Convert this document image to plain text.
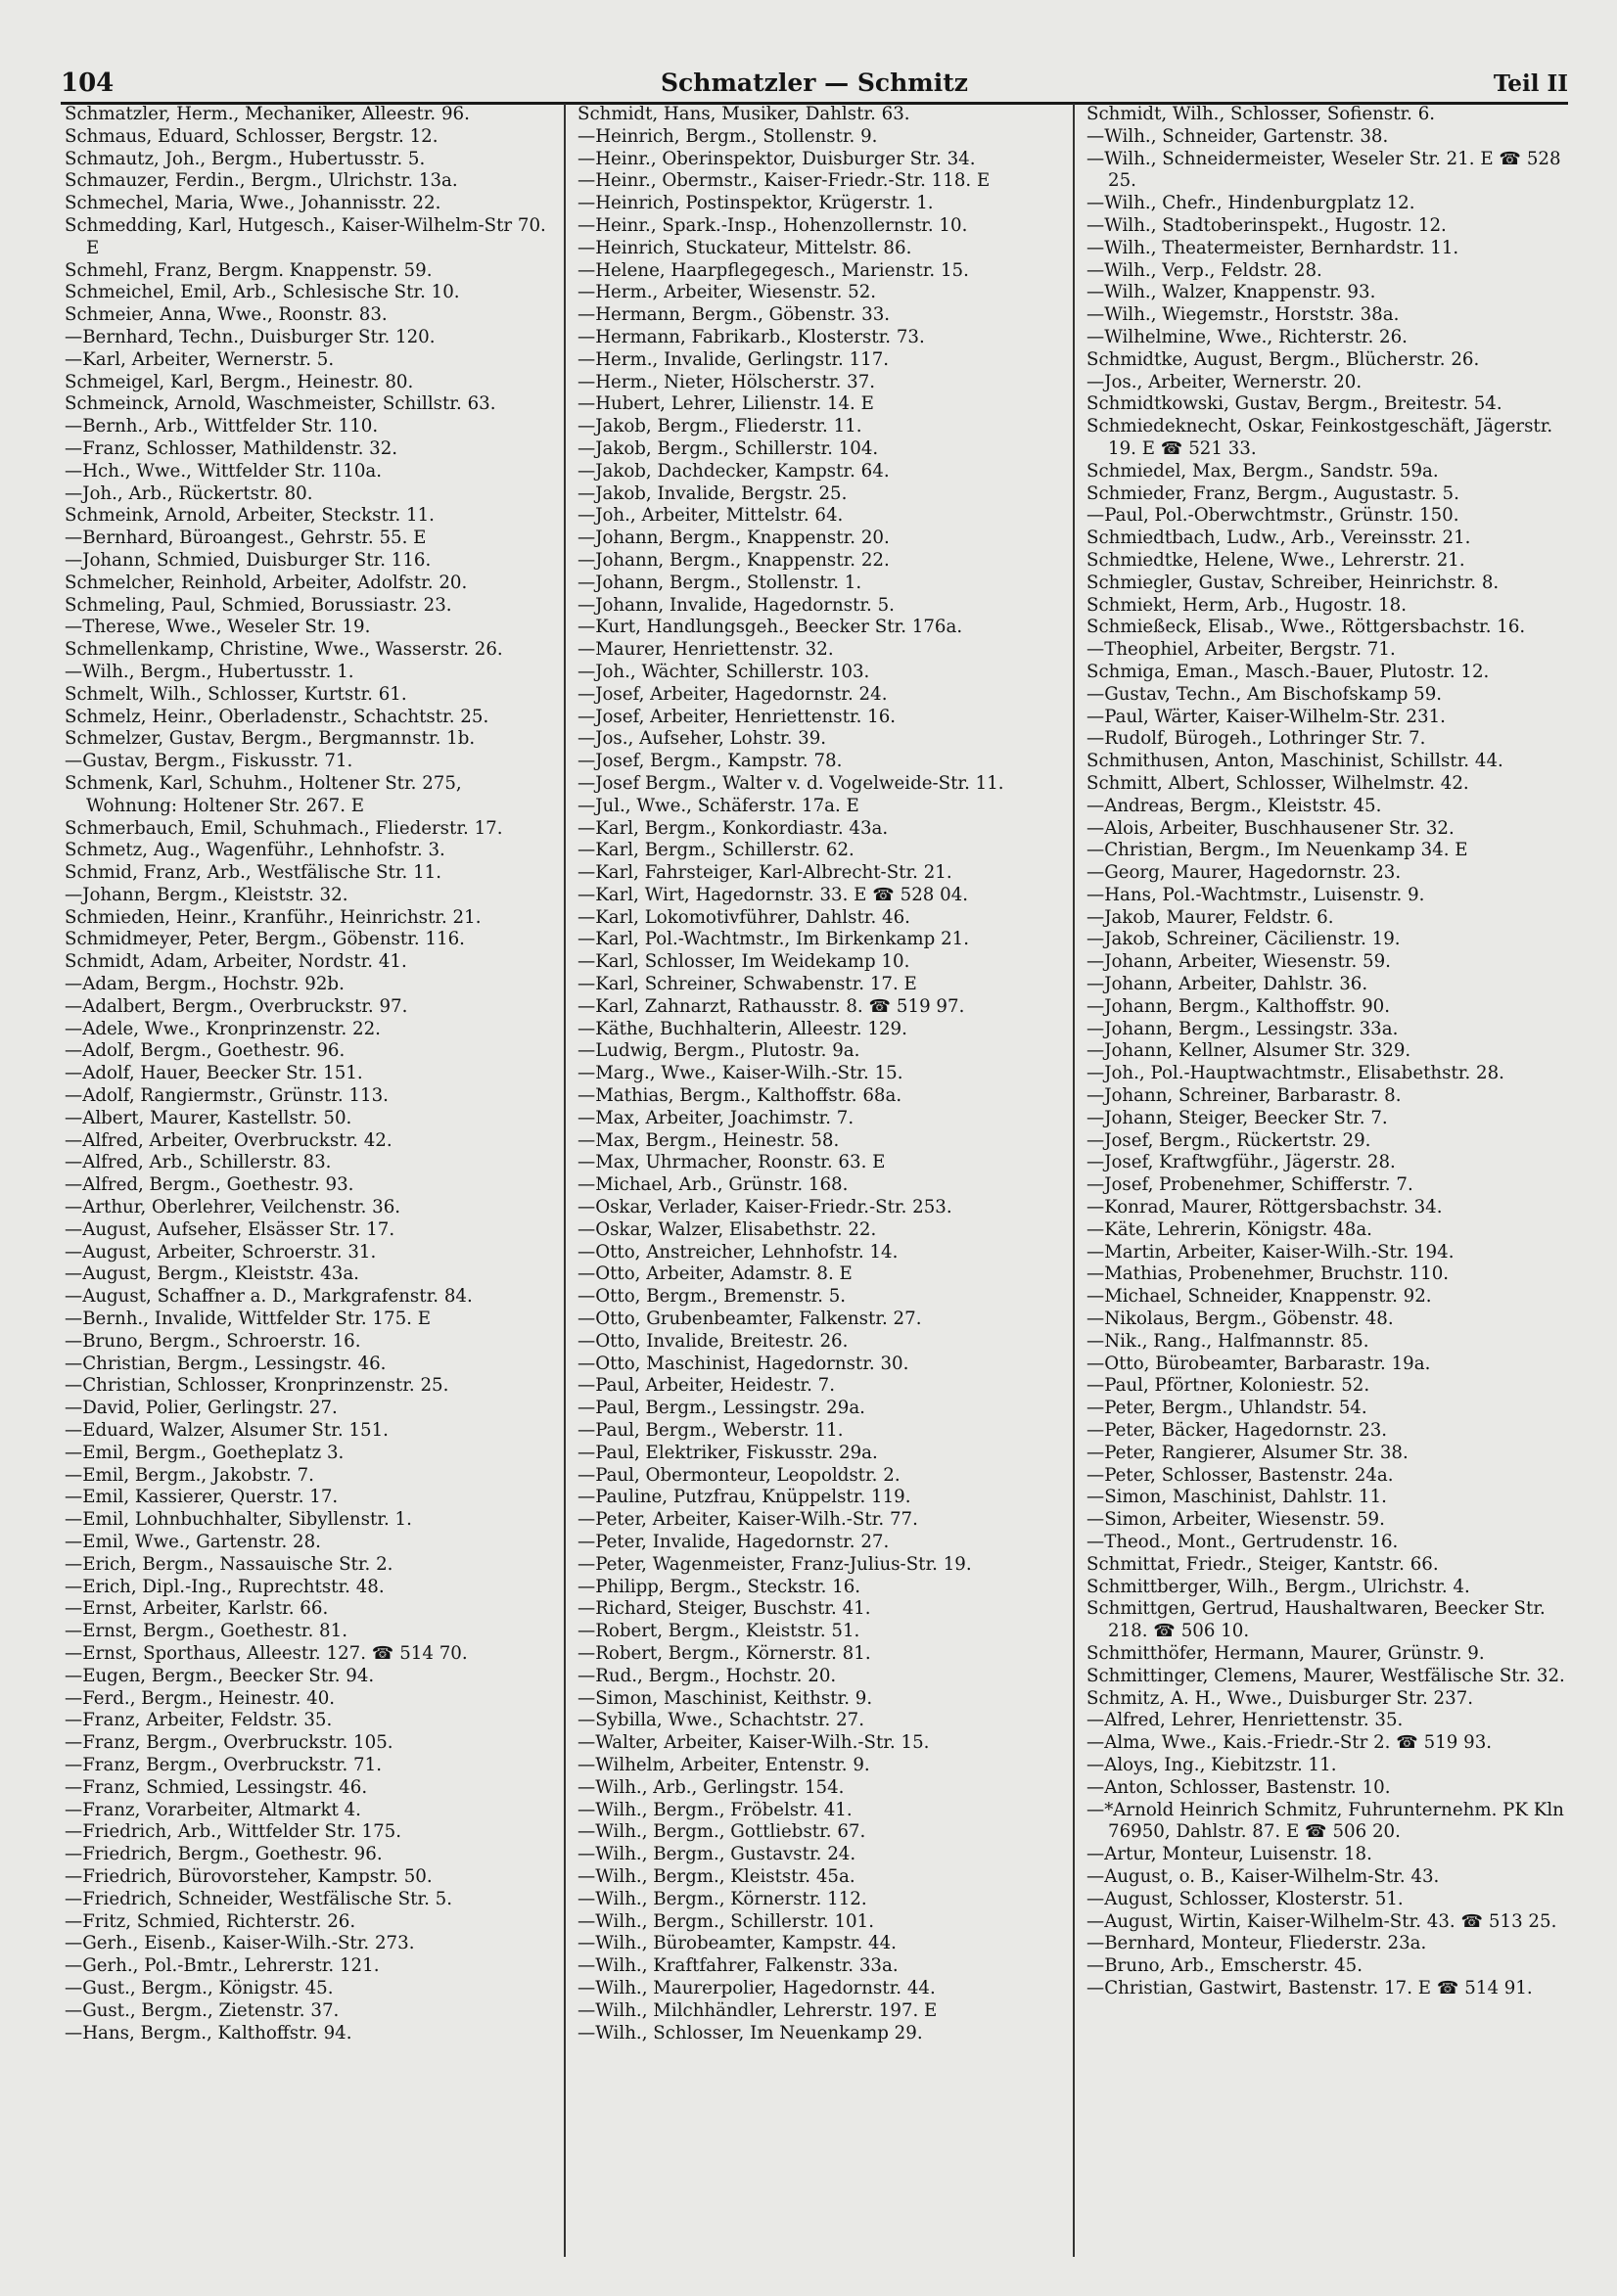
104	Schmatzler — Schmitz	Teil II
Schmatzler, Herm., Mechaniker, Alleestr. 96.
Schmaus, Eduard, Schlosser, Bergstr. 12.
Schmautz, Joh., Bergm., Hubertusstr. 5.
Schmauzer, Ferdin., Bergm., Ulrichstr. 13a.
Schmechel, Maria, Wwe., Johannisstr. 22.
Schmedding, Karl, Hutgesch., Kaiser-Wilhelm-Str 70. E
Schmehl, Franz, Bergm. Knappenstr. 59.
Schmeichel, Emil, Arb., Schlesische Str. 10.
Schmeier, Anna, Wwe., Roonstr. 83.
—Bernhard, Techn., Duisburger Str. 120.
—Karl, Arbeiter, Wernerstr. 5.
Schmeigel, Karl, Bergm., Heinestr. 80.
Schmeinck, Arnold, Waschmeister, Schillstr. 63.
—Bernh., Arb., Wittfelder Str. 110.
—Franz, Schlosser, Mathildenstr. 32.
—Hch., Wwe., Wittfelder Str. 110a.
—Joh., Arb., Rückertstr. 80.
Schmeink, Arnold, Arbeiter, Steckstr. 11.
—Bernhard, Büroangest., Gehrstr. 55. E
—Johann, Schmied, Duisburger Str. 116.
Schmelcher, Reinhold, Arbeiter, Adolfstr. 20.
Schmeling, Paul, Schmied, Borussiastr. 23.
—Therese, Wwe., Weseler Str. 19.
Schmellenkamp, Christine, Wwe., Wasserstr. 26.
—Wilh., Bergm., Hubertusstr. 1.
Schmelt, Wilh., Schlosser, Kurtstr. 61.
Schmelz, Heinr., Oberladenstr., Schachtstr. 25.
Schmelzer, Gustav, Bergm., Bergmannstr. 1b.
—Gustav, Bergm., Fiskusstr. 71.
Schmenk, Karl, Schuhm., Holtener Str. 275, Wohnung: Holtener Str. 267. E
Schmerbauch, Emil, Schuhmach., Fliederstr. 17.
Schmetz, Aug., Wagenführ., Lehnhofstr. 3.
Schmid, Franz, Arb., Westfälische Str. 11.
—Johann, Bergm., Kleiststr. 32.
Schmieden, Heinr., Kranführ., Heinrichstr. 21.
Schmidmeyer, Peter, Bergm., Göbenstr. 116.
Schmidt, Adam, Arbeiter, Nordstr. 41.
—Adam, Bergm., Hochstr. 92b.
—Adalbert, Bergm., Overbruckstr. 97.
—Adele, Wwe., Kronprinzenstr. 22.
—Adolf, Bergm., Goethestr. 96.
—Adolf, Hauer, Beecker Str. 151.
—Adolf, Rangiermstr., Grünstr. 113.
—Albert, Maurer, Kastellstr. 50.
—Alfred, Arbeiter, Overbruckstr. 42.
—Alfred, Arb., Schillerstr. 83.
—Alfred, Bergm., Goethestr. 93.
—Arthur, Oberlehrer, Veilchenstr. 36.
—August, Aufseher, Elsässer Str. 17.
—August, Arbeiter, Schroerstr. 31.
—August, Bergm., Kleiststr. 43a.
—August, Schaffner a. D., Markgrafenstr. 84.
—Bernh., Invalide, Wittfelder Str. 175. E
—Bruno, Bergm., Schroerstr. 16.
—Christian, Bergm., Lessingstr. 46.
—Christian, Schlosser, Kronprinzenstr. 25.
—David, Polier, Gerlingstr. 27.
—Eduard, Walzer, Alsumer Str. 151.
—Emil, Bergm., Goetheplatz 3.
—Emil, Bergm., Jakobstr. 7.
—Emil, Kassierer, Querstr. 17.
—Emil, Lohnbuchhalter, Sibyllenstr. 1.
—Emil, Wwe., Gartenstr. 28.
—Erich, Bergm., Nassauische Str. 2.
—Erich, Dipl.-Ing., Ruprechtstr. 48.
—Ernst, Arbeiter, Karlstr. 66.
—Ernst, Bergm., Goethestr. 81.
—Ernst, Sporthaus, Alleestr. 127. ☎ 514 70.
—Eugen, Bergm., Beecker Str. 94.
—Ferd., Bergm., Heinestr. 40.
—Franz, Arbeiter, Feldstr. 35.
—Franz, Bergm., Overbruckstr. 105.
—Franz, Bergm., Overbruckstr. 71.
—Franz, Schmied, Lessingstr. 46.
—Franz, Vorarbeiter, Altmarkt 4.
—Friedrich, Arb., Wittfelder Str. 175.
—Friedrich, Bergm., Goethestr. 96.
—Friedrich, Bürovorsteher, Kampstr. 50.
—Friedrich, Schneider, Westfälische Str. 5.
—Fritz, Schmied, Richterstr. 26.
—Gerh., Eisenb., Kaiser-Wilh.-Str. 273.
—Gerh., Pol.-Bmtr., Lehrerstr. 121.
—Gust., Bergm., Königstr. 45.
—Gust., Bergm., Zietenstr. 37.
—Hans, Bergm., Kalthoffstr. 94.
Schmidt, Hans, Musiker, Dahlstr. 63.
—Heinrich, Bergm., Stollenstr. 9.
—Heinr., Oberinspektor, Duisburger Str. 34.
—Heinr., Obermstr., Kaiser-Friedr.-Str. 118. E
—Heinrich, Postinspektor, Krügerstr. 1.
—Heinr., Spark.-Insp., Hohenzollernstr. 10.
—Heinrich, Stuckateur, Mittelstr. 86.
—Helene, Haarpflegegesch., Marienstr. 15.
—Herm., Arbeiter, Wiesenstr. 52.
—Hermann, Bergm., Göbenstr. 33.
—Hermann, Fabrikarb., Klosterstr. 73.
—Herm., Invalide, Gerlingstr. 117.
—Herm., Nieter, Hölscherstr. 37.
—Hubert, Lehrer, Lilienstr. 14. E
—Jakob, Bergm., Fliederstr. 11.
—Jakob, Bergm., Schillerstr. 104.
—Jakob, Dachdecker, Kampstr. 64.
—Jakob, Invalide, Bergstr. 25.
—Joh., Arbeiter, Mittelstr. 64.
—Johann, Bergm., Knappenstr. 20.
—Johann, Bergm., Knappenstr. 22.
—Johann, Bergm., Stollenstr. 1.
—Johann, Invalide, Hagedornstr. 5.
—Kurt, Handlungsgeh., Beecker Str. 176a.
—Maurer, Henriettenstr. 32.
—Joh., Wächter, Schillerstr. 103.
—Josef, Arbeiter, Hagedornstr. 24.
—Josef, Arbeiter, Henriettenstr. 16.
—Jos., Aufseher, Lohstr. 39.
—Josef, Bergm., Kampstr. 78.
—Josef Bergm., Walter v. d. Vogelweide-Str. 11.
—Jul., Wwe., Schäferstr. 17a. E
—Karl, Bergm., Konkordiastr. 43a.
—Karl, Bergm., Schillerstr. 62.
—Karl, Fahrsteiger, Karl-Albrecht-Str. 21.
—Karl, Wirt, Hagedornstr. 33. E ☎ 528 04.
—Karl, Lokomotivführer, Dahlstr. 46.
—Karl, Pol.-Wachtmstr., Im Birkenkamp 21.
—Karl, Schlosser, Im Weidekamp 10.
—Karl, Schreiner, Schwabenstr. 17. E
—Karl, Zahnarzt, Rathausstr. 8. ☎ 519 97.
—Käthe, Buchhalterin, Alleestr. 129.
—Ludwig, Bergm., Plutostr. 9a.
—Marg., Wwe., Kaiser-Wilh.-Str. 15.
—Mathias, Bergm., Kalthoffstr. 68a.
—Max, Arbeiter, Joachimstr. 7.
—Max, Bergm., Heinestr. 58.
—Max, Uhrmacher, Roonstr. 63. E
—Michael, Arb., Grünstr. 168.
—Oskar, Verlader, Kaiser-Friedr.-Str. 253.
—Oskar, Walzer, Elisabethstr. 22.
—Otto, Anstreicher, Lehnhofstr. 14.
—Otto, Arbeiter, Adamstr. 8. E
—Otto, Bergm., Bremenstr. 5.
—Otto, Grubenbeamter, Falkenstr. 27.
—Otto, Invalide, Breitestr. 26.
—Otto, Maschinist, Hagedornstr. 30.
—Paul, Arbeiter, Heidestr. 7.
—Paul, Bergm., Lessingstr. 29a.
—Paul, Bergm., Weberstr. 11.
—Paul, Elektriker, Fiskusstr. 29a.
—Paul, Obermonteur, Leopoldstr. 2.
—Pauline, Putzfrau, Knüppelstr. 119.
—Peter, Arbeiter, Kaiser-Wilh.-Str. 77.
—Peter, Invalide, Hagedornstr. 27.
—Peter, Wagenmeister, Franz-Julius-Str. 19.
—Philipp, Bergm., Steckstr. 16.
—Richard, Steiger, Buschstr. 41.
—Robert, Bergm., Kleiststr. 51.
—Robert, Bergm., Körnerstr. 81.
—Rud., Bergm., Hochstr. 20.
—Simon, Maschinist, Keithstr. 9.
—Sybilla, Wwe., Schachtstr. 27.
—Walter, Arbeiter, Kaiser-Wilh.-Str. 15.
—Wilhelm, Arbeiter, Entenstr. 9.
—Wilh., Arb., Gerlingstr. 154.
—Wilh., Bergm., Fröbelstr. 41.
—Wilh., Bergm., Gottliebstr. 67.
—Wilh., Bergm., Gustavstr. 24.
—Wilh., Bergm., Kleiststr. 45a.
—Wilh., Bergm., Körnerstr. 112.
—Wilh., Bergm., Schillerstr. 101.
—Wilh., Bürobeamter, Kampstr. 44.
—Wilh., Kraftfahrer, Falkenstr. 33a.
—Wilh., Maurerpolier, Hagedornstr. 44.
—Wilh., Milchhändler, Lehrerstr. 197. E
—Wilh., Schlosser, Im Neuenkamp 29.
Schmidt, Wilh., Schlosser, Sofienstr. 6.
—Wilh., Schneider, Gartenstr. 38.
—Wilh., Schneidermeister, Weseler Str. 21. E ☎ 528 25.
—Wilh., Chefr., Hindenburgplatz 12.
—Wilh., Stadtoberinspekt., Hugostr. 12.
—Wilh., Theatermeister, Bernhardstr. 11.
—Wilh., Verp., Feldstr. 28.
—Wilh., Walzer, Knappenstr. 93.
—Wilh., Wiegemstr., Horststr. 38a.
—Wilhelmine, Wwe., Richterstr. 26.
Schmidtke, August, Bergm., Blücherstr. 26.
—Jos., Arbeiter, Wernerstr. 20.
Schmidtkowski, Gustav, Bergm., Breitestr. 54.
Schmiedeknecht, Oskar, Feinkostgeschäft, Jägerstr. 19. E ☎ 521 33.
Schmiedel, Max, Bergm., Sandstr. 59a.
Schmieder, Franz, Bergm., Augustastr. 5.
—Paul, Pol.-Oberwchtmstr., Grünstr. 150.
Schmiedtbach, Ludw., Arb., Vereinsstr. 21.
Schmiedtke, Helene, Wwe., Lehrerstr. 21.
Schmiegler, Gustav, Schreiber, Heinrichstr. 8.
Schmiekt, Herm, Arb., Hugostr. 18.
Schmießeck, Elisab., Wwe., Röttgersbachstr. 16.
—Theophiel, Arbeiter, Bergstr. 71.
Schmiga, Eman., Masch.-Bauer, Plutostr. 12.
—Gustav, Techn., Am Bischofskamp 59.
—Paul, Wärter, Kaiser-Wilhelm-Str. 231.
—Rudolf, Bürogeh., Lothringer Str. 7.
Schmithusen, Anton, Maschinist, Schillstr. 44.
Schmitt, Albert, Schlosser, Wilhelmstr. 42.
—Andreas, Bergm., Kleiststr. 45.
—Alois, Arbeiter, Buschhausener Str. 32.
—Christian, Bergm., Im Neuenkamp 34. E
—Georg, Maurer, Hagedornstr. 23.
—Hans, Pol.-Wachtmstr., Luisenstr. 9.
—Jakob, Maurer, Feldstr. 6.
—Jakob, Schreiner, Cäcilienstr. 19.
—Johann, Arbeiter, Wiesenstr. 59.
—Johann, Arbeiter, Dahlstr. 36.
—Johann, Bergm., Kalthoffstr. 90.
—Johann, Bergm., Lessingstr. 33a.
—Johann, Kellner, Alsumer Str. 329.
—Joh., Pol.-Hauptwachtmstr., Elisabethstr. 28.
—Johann, Schreiner, Barbarastr. 8.
—Johann, Steiger, Beecker Str. 7.
—Josef, Bergm., Rückertstr. 29.
—Josef, Kraftwgführ., Jägerstr. 28.
—Josef, Probenehmer, Schifferstr. 7.
—Konrad, Maurer, Röttgersbachstr. 34.
—Käte, Lehrerin, Königstr. 48a.
—Martin, Arbeiter, Kaiser-Wilh.-Str. 194.
—Mathias, Probenehmer, Bruchstr. 110.
—Michael, Schneider, Knappenstr. 92.
—Nikolaus, Bergm., Göbenstr. 48.
—Nik., Rang., Halfmannstr. 85.
—Otto, Bürobeamter, Barbarastr. 19a.
—Paul, Pförtner, Koloniestr. 52.
—Peter, Bergm., Uhlandstr. 54.
—Peter, Bäcker, Hagedornstr. 23.
—Peter, Rangierer, Alsumer Str. 38.
—Peter, Schlosser, Bastenstr. 24a.
—Simon, Maschinist, Dahlstr. 11.
—Simon, Arbeiter, Wiesenstr. 59.
—Theod., Mont., Gertrudenstr. 16.
Schmittat, Friedr., Steiger, Kantstr. 66.
Schmittberger, Wilh., Bergm., Ulrichstr. 4.
Schmittgen, Gertrud, Haushaltwaren, Beecker Str. 218. ☎ 506 10.
Schmitthöfer, Hermann, Maurer, Grünstr. 9.
Schmittinger, Clemens, Maurer, Westfälische Str. 32.
Schmitz, A. H., Wwe., Duisburger Str. 237.
—Alfred, Lehrer, Henriettenstr. 35.
—Alma, Wwe., Kais.-Friedr.-Str 2. ☎ 519 93.
—Aloys, Ing., Kiebitzstr. 11.
—Anton, Schlosser, Bastenstr. 10.
—*Arnold Heinrich Schmitz, Fuhrunternehm. PK Kln 76950, Dahlstr. 87. E ☎ 506 20.
—Artur, Monteur, Luisenstr. 18.
—August, o. B., Kaiser-Wilhelm-Str. 43.
—August, Schlosser, Klosterstr. 51.
—August, Wirtin, Kaiser-Wilhelm-Str. 43. ☎ 513 25.
—Bernhard, Monteur, Fliederstr. 23a.
—Bruno, Arb., Emscherstr. 45.
—Christian, Gastwirt, Bastenstr. 17. E ☎ 514 91.
